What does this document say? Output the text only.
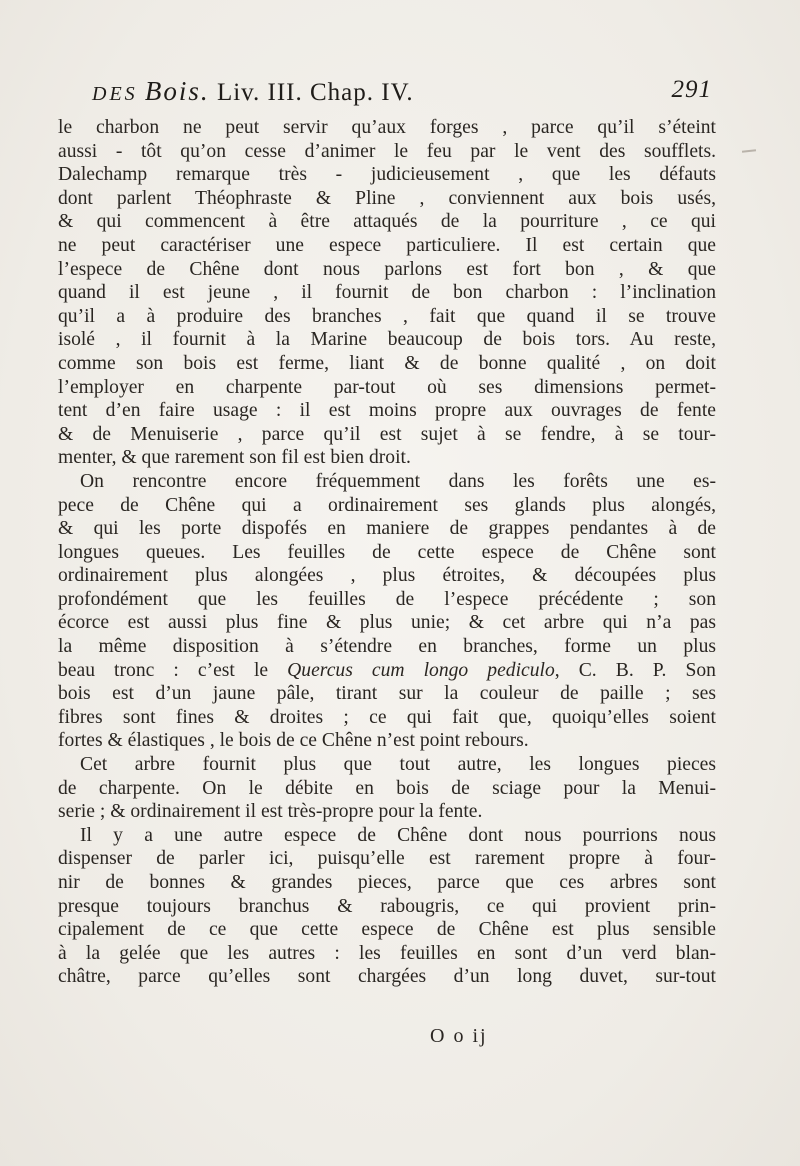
DES Bois. Liv. III. Chap. IV.	291
le charbon ne peut servir qu’aux forges , parce qu’il s’éteint
aussi - tôt qu’on cesse d’animer le feu par le vent des soufflets.
Dalechamp remarque très - judicieusement , que les défauts
dont parlent Théophraste & Pline , conviennent aux bois usés,
& qui commencent à être attaqués de la pourriture , ce qui
ne peut caractériser une espece particuliere. Il est certain que
l’espece de Chêne dont nous parlons est fort bon , & que
quand il est jeune , il fournit de bon charbon : l’inclination
qu’il a à produire des branches , fait que quand il se trouve
isolé , il fournit à la Marine beaucoup de bois tors. Au reste,
comme son bois est ferme, liant & de bonne qualité , on doit
l’employer en charpente par-tout où ses dimensions permet-
tent d’en faire usage : il est moins propre aux ouvrages de fente
& de Menuiserie , parce qu’il est sujet à se fendre, à se tour-
menter, & que rarement son fil est bien droit.
On rencontre encore fréquemment dans les forêts une es-
pece de Chêne qui a ordinairement ses glands plus alongés,
& qui les porte dispofés en maniere de grappes pendantes à de
longues queues. Les feuilles de cette espece de Chêne sont
ordinairement plus alongées , plus étroites, & découpées plus
profondément que les feuilles de l’espece précédente ; son
écorce est aussi plus fine & plus unie; & cet arbre qui n’a pas
la même disposition à s’étendre en branches, forme un plus
beau tronc : c’est le Quercus cum longo pediculo, C. B. P. Son
bois est d’un jaune pâle, tirant sur la couleur de paille ; ses
fibres sont fines & droites ; ce qui fait que, quoiqu’elles soient
fortes & élastiques , le bois de ce Chêne n’est point rebours.
Cet arbre fournit plus que tout autre, les longues pieces
de charpente. On le débite en bois de sciage pour la Menui-
serie ; & ordinairement il est très-propre pour la fente.
Il y a une autre espece de Chêne dont nous pourrions nous
dispenser de parler ici, puisqu’elle est rarement propre à four-
nir de bonnes & grandes pieces, parce que ces arbres sont
presque toujours branchus & rabougris, ce qui provient prin-
cipalement de ce que cette espece de Chêne est plus sensible
à la gelée que les autres : les feuilles en sont d’un verd blan-
châtre, parce qu’elles sont chargées d’un long duvet, sur-tout
O o ij
